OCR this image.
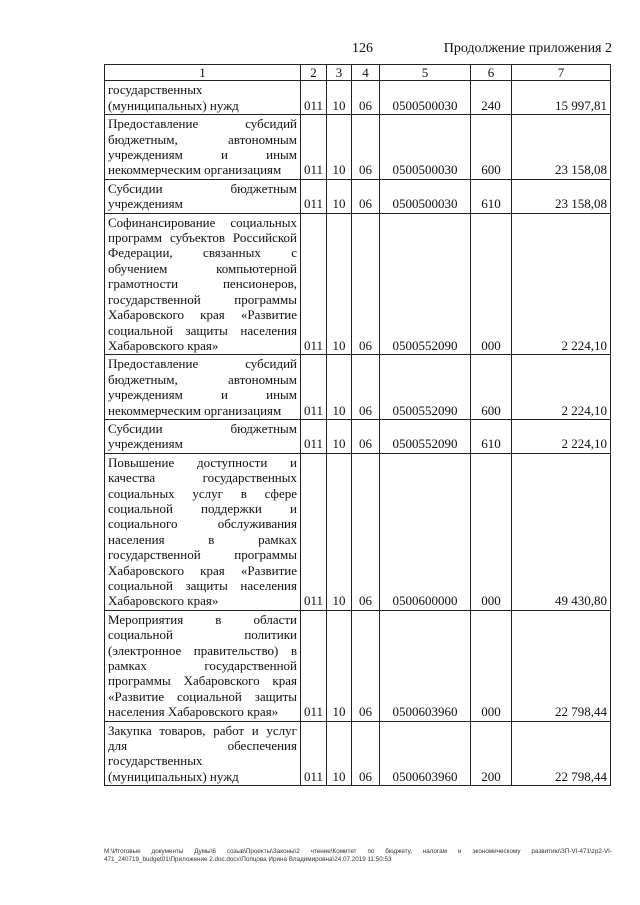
126	Продолжение приложения 2
1	2	3	4	5	6	7
государственных (муниципальных) нужд	011	10	06	0500500030	240	15 997,81
Предоставление субсидий бюджетным, автономным учреждениям и иным некоммерческим организациям	011	10	06	0500500030	600	23 158,08
Субсидии бюджетным учреждениям	011	10	06	0500500030	610	23 158,08
Софинансирование социальных программ субъектов Российской Федерации, связанных с обучением компьютерной грамотности пенсионеров, государственной программы Хабаровского края «Развитие социальной защиты населения Хабаровского края»	011	10	06	0500552090	000	2 224,10
Предоставление субсидий бюджетным, автономным учреждениям и иным некоммерческим организациям	011	10	06	0500552090	600	2 224,10
Субсидии бюджетным учреждениям	011	10	06	0500552090	610	2 224,10
Повышение доступности и качества государственных социальных услуг в сфере социальной поддержки и социального обслуживания населения в рамках государственной программы Хабаровского края «Развитие социальной защиты населения Хабаровского края»	011	10	06	0500600000	000	49 430,80
Мероприятия в области социальной политики (электронное правительство) в рамках государственной программы Хабаровского края «Развитие социальной защиты населения Хабаровского края»	011	10	06	0500603960	000	22 798,44
Закупка товаров, работ и услуг для обеспечения государственных (муниципальных) нужд	011	10	06	0500603960	200	22 798,44
M:\Итоговые документы Думы\6 созыв\Проекты\Законы\2 чтение\Комитет по бюджету, налогам и экономическому развитию\ЗП-VI-471\zp2-VI-471_240719_budget01\Приложение 2.doc.docx\Попцова Ирина Владимировна\24.07.2019 11:50:53
